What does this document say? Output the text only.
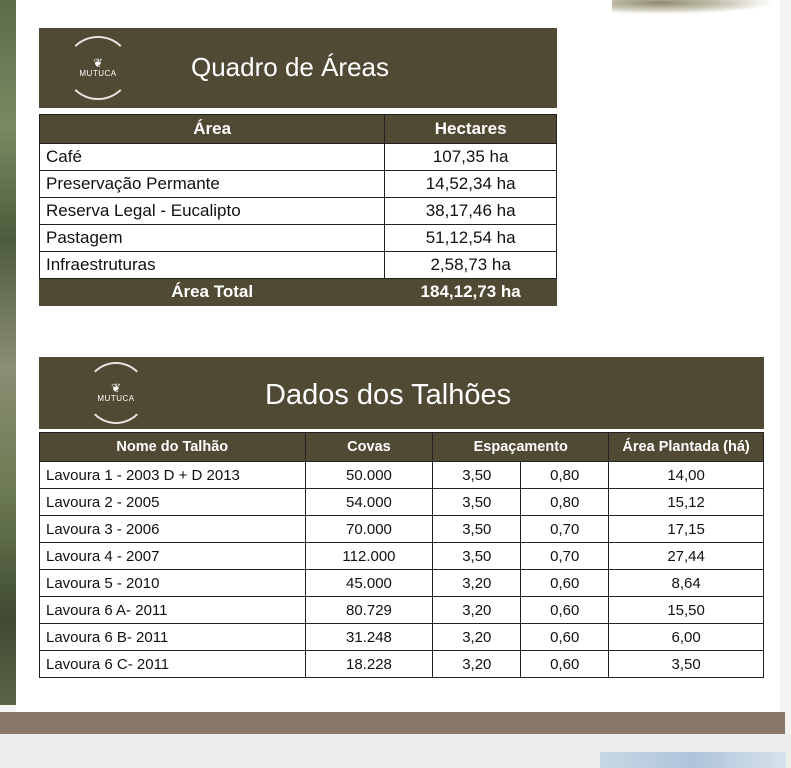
❦
MUTUCA	Quadro de Áreas
Área	Hectares
Café	107,35 ha
Preservação Permante	14,52,34 ha
Reserva Legal - Eucalipto	38,17,46 ha
Pastagem	51,12,54 ha
Infraestruturas	2,58,73 ha
Área Total	184,12,73 ha
❦
MUTUCA	Dados dos Talhões
Nome do Talhão	Covas	Espaçamento		Área Plantada (há)
Lavoura 1 - 2003 D + D 2013	50.000	3,50	0,80	14,00
Lavoura 2 - 2005	54.000	3,50	0,80	15,12
Lavoura 3 - 2006	70.000	3,50	0,70	17,15
Lavoura 4 - 2007	112.000	3,50	0,70	27,44
Lavoura 5 - 2010	45.000	3,20	0,60	8,64
Lavoura 6 A- 2011	80.729	3,20	0,60	15,50
Lavoura 6 B- 2011	31.248	3,20	0,60	6,00
Lavoura 6 C- 2011	18.228	3,20	0,60	3,50
